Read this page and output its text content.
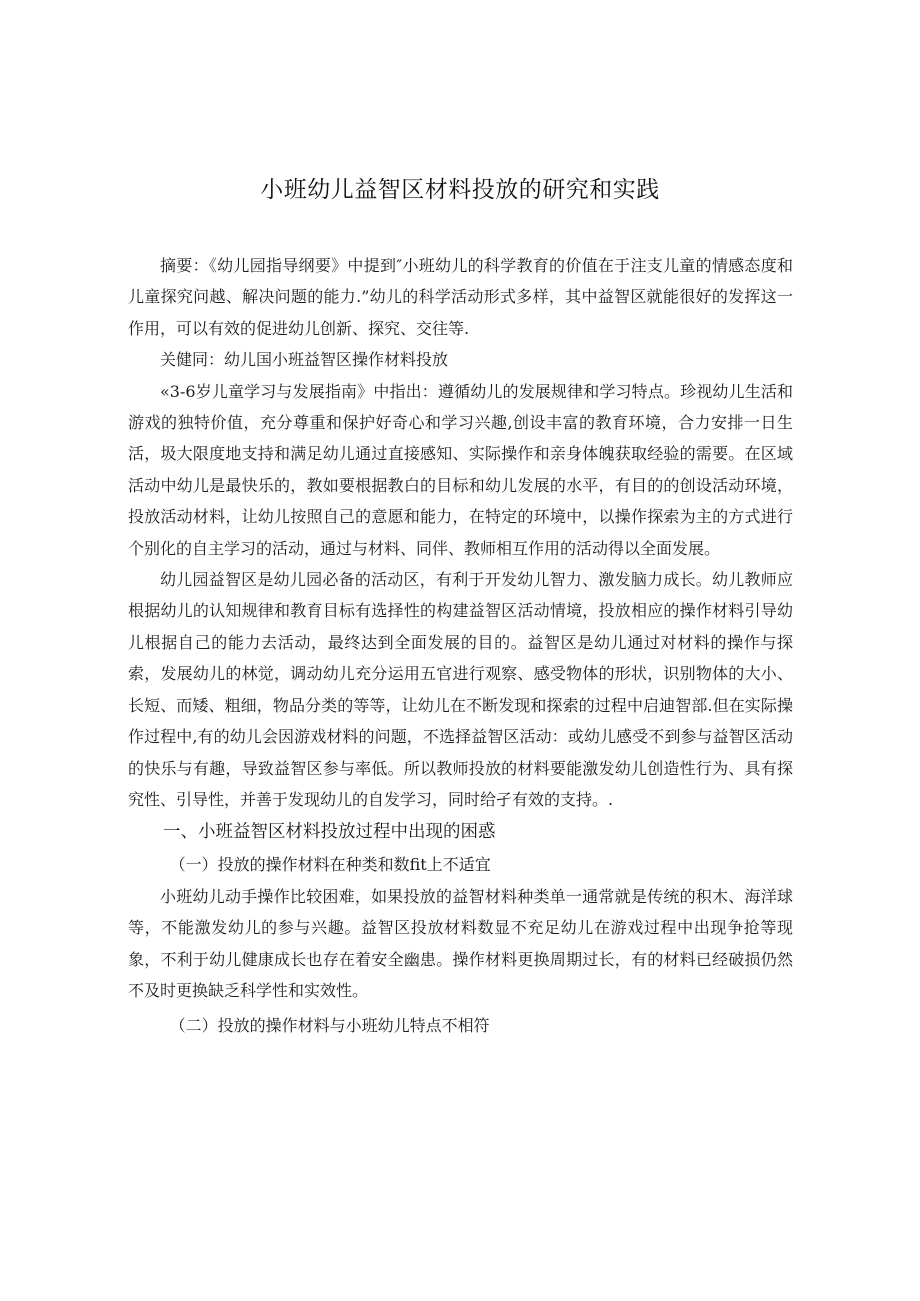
小班幼儿益智区材料投放的研究和实践

摘要：《幼儿园指导纲要》中提到″小班幼儿的科学教育的价值在于注支儿童的情感态度和儿童探究问越、解决问题的能力.”幼儿的科学活动形式多样，其中益智区就能很好的发挥这一作用，可以有效的促进幼儿创新、探究、交往等.

关健同：幼儿国小班益智区操作材料投放

«3-6岁儿童学习与发展指南》中指出：遵循幼儿的发展规律和学习特点。珍视幼儿生活和游戏的独特价值，充分尊重和保护好奇心和学习兴趣,创设丰富的教育环境，合力安排一日生活，圾大限度地支持和满足幼儿通过直接感知、实际操作和亲身体魄获取经验的需要。在区域活动中幼儿是最快乐的，教如要根据教白的目标和幼儿发展的水平，有目的的创设活动环境，投放活动材料，让幼儿按照自己的意愿和能力，在特定的环境中，以操作探索为主的方式进行个别化的自主学习的活动，通过与材料、同伴、教师相互作用的活动得以全面发展。

幼儿园益智区是幼儿园必备的活动区，有利于开发幼儿智力、激发脑力成长。幼儿教师应根据幼儿的认知规律和教育目标有选择性的构建益智区活动情境，投放相应的操作材料引导幼儿根据自己的能力去活动，最终达到全面发展的目的。益智区是幼儿通过对材料的操作与探索，发展幼儿的林觉，调动幼儿充分运用五官进行观察、感受物体的形状，识别物体的大小、长短、而矮、粗细，物品分类的等等，让幼儿在不断发现和探索的过程中启迪智部.但在实际操作过程中,有的幼儿会因游戏材料的问题，不选择益智区活动：或幼儿感受不到参与益智区活动的快乐与有趣，导致益智区参与率低。所以教师投放的材料要能激发幼儿创造性行为、具有探究性、引导性，并善于发现幼儿的自发学习，同时给孑有效的支持。.

一、小班益智区材料投放过程中出现的困惑

（一）投放的操作材料在种类和数fit上不适宜

小班幼儿动手操作比较困难，如果投放的益智材料种类单一通常就是传统的积木、海洋球等，不能激发幼儿的参与兴趣。益智区投放材料数显不充足幼儿在游戏过程中出现争抢等现象，不利于幼儿健康成长也存在着安全幽患。操作材料更换周期过长，有的材料已经破损仍然不及时更换缺乏科学性和实效性。

（二）投放的操作材料与小班幼儿特点不相符
